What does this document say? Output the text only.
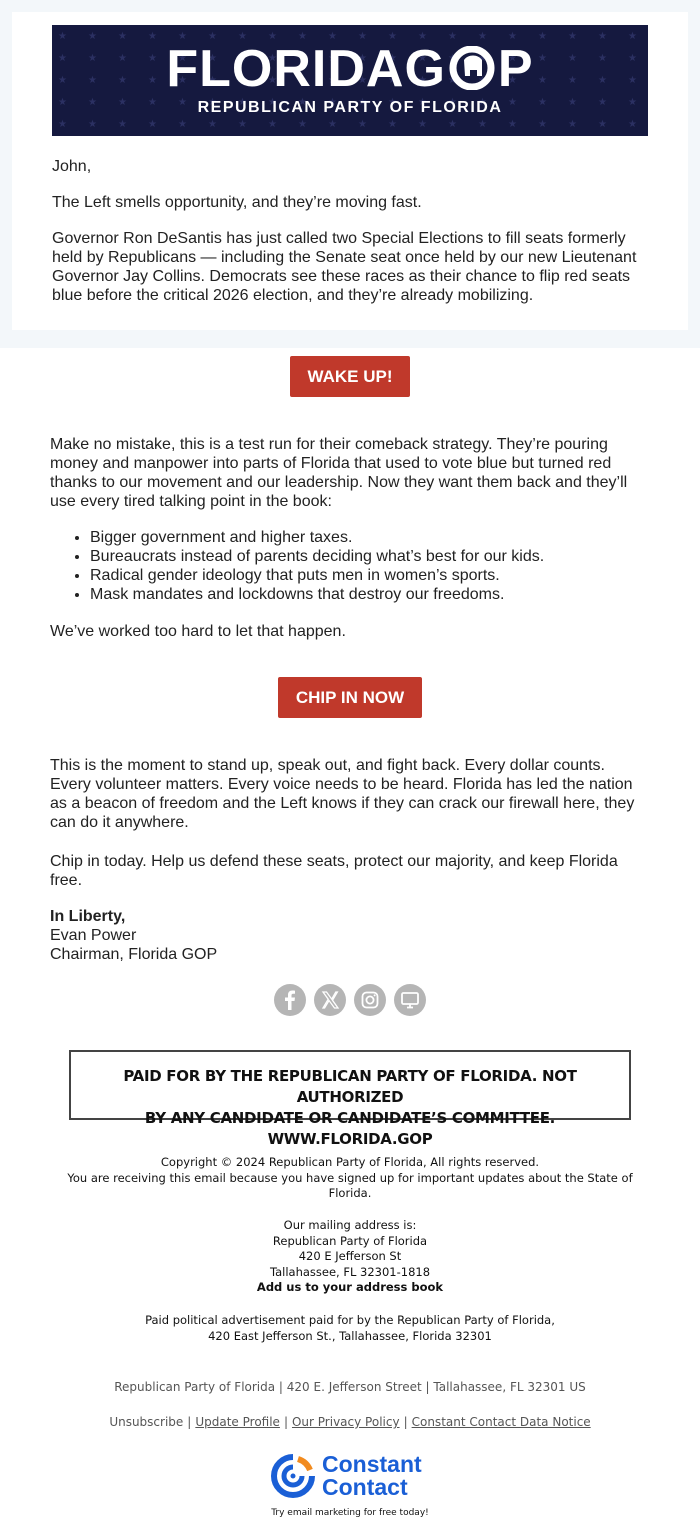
FLORIDAG P
REPUBLICAN PARTY OF FLORIDA
John,
The Left smells opportunity, and they’re moving fast.
Governor Ron DeSantis has just called two Special Elections to fill seats formerly held by Republicans — including the Senate seat once held by our new Lieutenant Governor Jay Collins. Democrats see these races as their chance to flip red seats blue before the critical 2026 election, and they’re already mobilizing.
WAKE UP!
Make no mistake, this is a test run for their comeback strategy. They’re pouring money and manpower into parts of Florida that used to vote blue but turned red thanks to our movement and our leadership. Now they want them back and they’ll use every tired talking point in the book:
• Bigger government and higher taxes.
• Bureaucrats instead of parents deciding what’s best for our kids.
• Radical gender ideology that puts men in women’s sports.
• Mask mandates and lockdowns that destroy our freedoms.
We’ve worked too hard to let that happen.
CHIP IN NOW
This is the moment to stand up, speak out, and fight back. Every dollar counts. Every volunteer matters. Every voice needs to be heard. Florida has led the nation as a beacon of freedom and the Left knows if they can crack our firewall here, they can do it anywhere.
Chip in today. Help us defend these seats, protect our majority, and keep Florida free.
In Liberty,
Evan Power
Chairman, Florida GOP
PAID FOR BY THE REPUBLICAN PARTY OF FLORIDA. NOT AUTHORIZED
BY ANY CANDIDATE OR CANDIDATE’S COMMITTEE. WWW.FLORIDA.GOP
Copyright © 2024 Republican Party of Florida, All rights reserved.
You are receiving this email because you have signed up for important updates about the State of
Florida.
Our mailing address is:
Republican Party of Florida
420 E Jefferson St
Tallahassee, FL 32301-1818
Add us to your address book
Paid political advertisement paid for by the Republican Party of Florida,
420 East Jefferson St., Tallahassee, Florida 32301
Republican Party of Florida | 420 E. Jefferson Street | Tallahassee, FL 32301 US
Unsubscribe | Update Profile | Our Privacy Policy | Constant Contact Data Notice
Constant
Contact
Try email marketing for free today!
